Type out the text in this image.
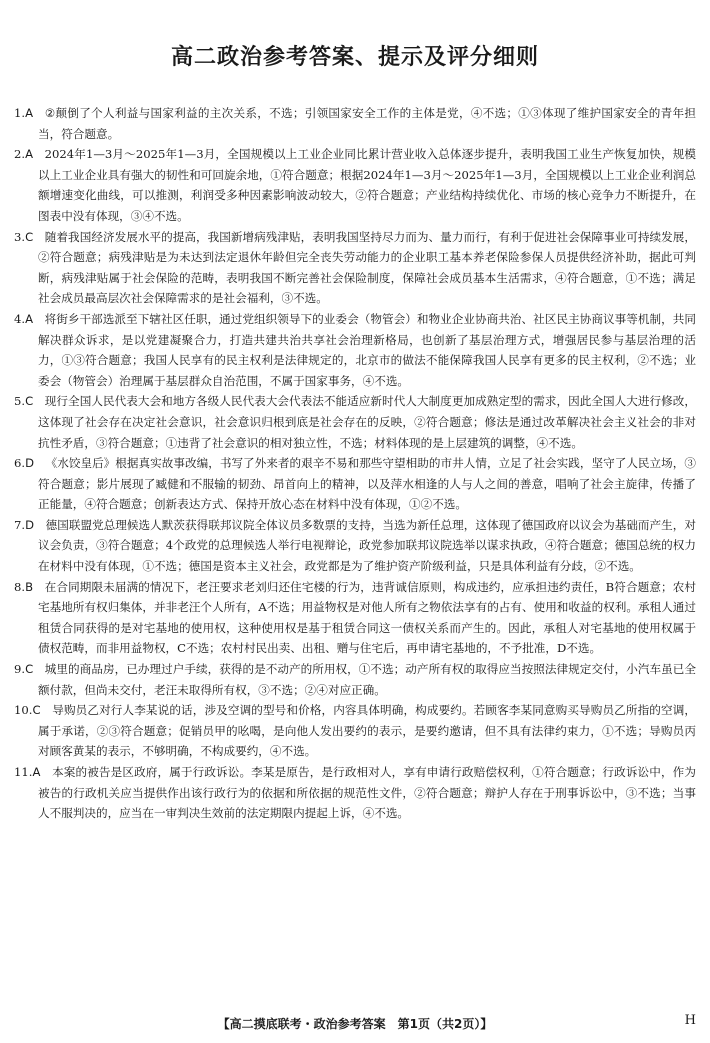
高二政治参考答案、提示及评分细则
1.A  ②颠倒了个人利益与国家利益的主次关系，不选；引领国家安全工作的主体是党，④不选；①③体现了维护国家安全的青年担当，符合题意。
2.A  2024年1—3月～2025年1—3月，全国规模以上工业企业同比累计营业收入总体逐步提升，表明我国工业生产恢复加快，规模以上工业企业具有强大的韧性和可回旋余地，①符合题意；根据2024年1—3月～2025年1—3月，全国规模以上工业企业利润总额增速变化曲线，可以推测，利润受多种因素影响波动较大，②符合题意；产业结构持续优化、市场的核心竞争力不断提升，在图表中没有体现，③④不选。
3.C  随着我国经济发展水平的提高，我国新增病残津贴，表明我国坚持尽力而为、量力而行，有利于促进社会保障事业可持续发展，②符合题意；病残津贴是为未达到法定退休年龄但完全丧失劳动能力的企业职工基本养老保险参保人员提供经济补助，据此可判断，病残津贴属于社会保险的范畴，表明我国不断完善社会保险制度，保障社会成员基本生活需求，④符合题意，①不选；满足社会成员最高层次社会保障需求的是社会福利，③不选。
4.A  将街乡干部选派至下辖社区任职，通过党组织领导下的业委会（物管会）和物业企业协商共治、社区民主协商议事等机制，共同解决群众诉求，是以党建凝聚合力，打造共建共治共享社会治理新格局，也创新了基层治理方式，增强居民参与基层治理的活力，①③符合题意；我国人民享有的民主权利是法律规定的，北京市的做法不能保障我国人民享有更多的民主权利，②不选；业委会（物管会）治理属于基层群众自治范围，不属于国家事务，④不选。
5.C  现行全国人民代表大会和地方各级人民代表大会代表法不能适应新时代人大制度更加成熟定型的需求，因此全国人大进行修改，这体现了社会存在决定社会意识，社会意识归根到底是社会存在的反映，②符合题意；修法是通过改革解决社会主义社会的非对抗性矛盾，③符合题意；①违背了社会意识的相对独立性，不选；材料体现的是上层建筑的调整，④不选。
6.D  《水饺皇后》根据真实故事改编，书写了外来者的艰辛不易和那些守望相助的市井人情，立足了社会实践，坚守了人民立场，③符合题意；影片展现了臧健和不服输的韧劲、昂首向上的精神，以及萍水相逢的人与人之间的善意，唱响了社会主旋律，传播了正能量，④符合题意；创新表达方式、保持开放心态在材料中没有体现，①②不选。
7.D  德国联盟党总理候选人默茨获得联邦议院全体议员多数票的支持，当选为新任总理，这体现了德国政府以议会为基础而产生，对议会负责，③符合题意；4个政党的总理候选人举行电视辩论，政党参加联邦议院选举以谋求执政，④符合题意；德国总统的权力在材料中没有体现，①不选；德国是资本主义社会，政党都是为了维护资产阶级利益，只是具体利益有分歧，②不选。
8.B  在合同期限未届满的情况下，老汪要求老刘归还住宅楼的行为，违背诚信原则，构成违约，应承担违约责任，B符合题意；农村宅基地所有权归集体，并非老汪个人所有，A不选；用益物权是对他人所有之物依法享有的占有、使用和收益的权利。承租人通过租赁合同获得的是对宅基地的使用权，这种使用权是基于租赁合同这一债权关系而产生的。因此，承租人对宅基地的使用权属于债权范畴，而非用益物权，C不选；农村村民出卖、出租、赠与住宅后，再申请宅基地的，不予批准，D不选。
9.C  城里的商品房，已办理过户手续，获得的是不动产的所用权，①不选；动产所有权的取得应当按照法律规定交付，小汽车虽已全额付款，但尚未交付，老汪未取得所有权，③不选；②④对应正确。
10.C  导购员乙对行人李某说的话，涉及空调的型号和价格，内容具体明确，构成要约。若顾客李某同意购买导购员乙所指的空调，属于承诺，②③符合题意；促销员甲的吆喝，是向他人发出要约的表示，是要约邀请，但不具有法律约束力，①不选；导购员丙对顾客黄某的表示，不够明确，不构成要约，④不选。
11.A  本案的被告是区政府，属于行政诉讼。李某是原告，是行政相对人，享有申请行政赔偿权利，①符合题意；行政诉讼中，作为被告的行政机关应当提供作出该行政行为的依据和所依据的规范性文件，②符合题意；辩护人存在于刑事诉讼中，③不选；当事人不服判决的，应当在一审判决生效前的法定期限内提起上诉，④不选。
【高二摸底联考・政治参考答案　第1页（共2页）】	H
